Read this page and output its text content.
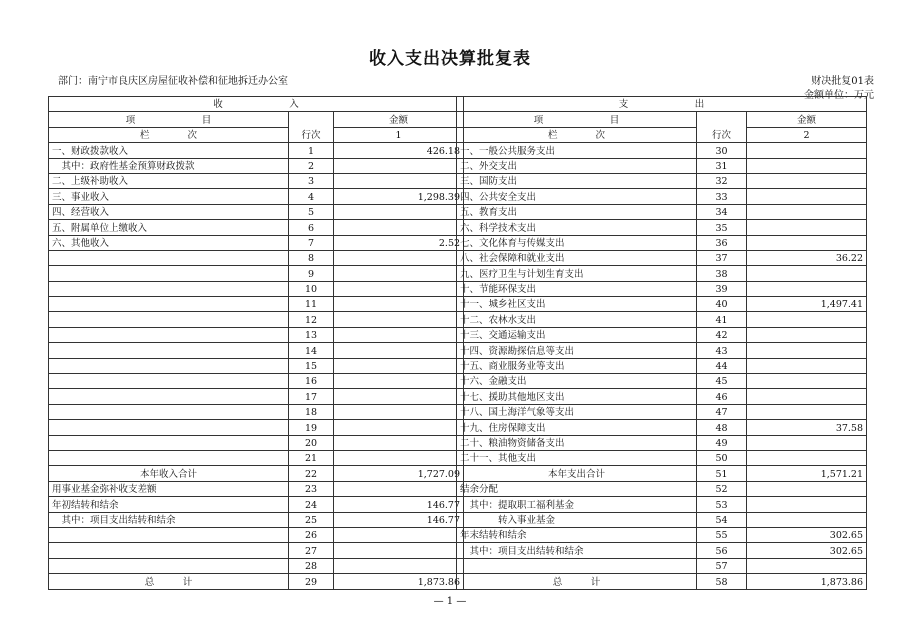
收入支出决算批复表
部门：南宁市良庆区房屋征收补偿和征地拆迁办公室	财决批复01表
金额单位：万元
收　　　　　　　入		
项　　　　　　　目	行次	金额
栏　　　　次		1
一、财政拨款收入	1	426.18
　其中：政府性基金预算财政拨款	2	
二、上级补助收入	3	
三、事业收入	4	1,298.39
四、经营收入	5	
五、附属单位上缴收入	6	
六、其他收入	7	2.52
	8	
	9	
	10	
	11	
	12	
	13	
	14	
	15	
	16	
	17	
	18	
	19	
	20	
	21	
本年收入合计	22	1,727.09
用事业基金弥补收支差额	23	
年初结转和结余	24	146.77
　其中：项目支出结转和结余	25	146.77
	26	
	27	
	28	
总　　　计	29	1,873.86
支　　　　　　　出		
项　　　　　　　目	行次	金额
栏　　　　次		2
一、一般公共服务支出	30	
二、外交支出	31	
三、国防支出	32	
四、公共安全支出	33	
五、教育支出	34	
六、科学技术支出	35	
七、文化体育与传媒支出	36	
八、社会保障和就业支出	37	36.22
九、医疗卫生与计划生育支出	38	
十、节能环保支出	39	
十一、城乡社区支出	40	1,497.41
十二、农林水支出	41	
十三、交通运输支出	42	
十四、资源勘探信息等支出	43	
十五、商业服务业等支出	44	
十六、金融支出	45	
十七、援助其他地区支出	46	
十八、国土海洋气象等支出	47	
十九、住房保障支出	48	37.58
二十、粮油物资储备支出	49	
二十一、其他支出	50	
本年支出合计	51	1,571.21
结余分配	52	
　其中：提取职工福利基金	53	
　　　　转入事业基金	54	
年末结转和结余	55	302.65
　其中：项目支出结转和结余	56	302.65
	57	
总　　　计	58	1,873.86
— 1 —
